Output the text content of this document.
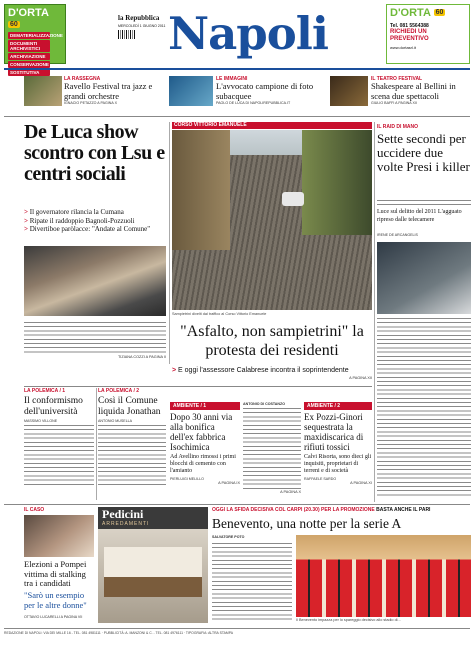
D'ORTA $^{60}$
DEMATERIALIZZAZIONE
DOCUMENTI ARCHIVISTICI
ARCHIVIAZIONE
CONSERVAZIONE
SOSTITUTIVA
la Repubblica
MERCOLEDÌ 1 GIUGNO 2011 Napoli	D'ORTA $^{60}$
Tel. 081 5564388
RICHIEDI UN
PREVENTIVO
www.dortasrl.it
LA RASSEGNA
Ravello Festival tra jazz e grandi orchestre
IGNACIO PETAZZO A PAGINA X
LE IMMAGINI
L'avvocato campione di foto subacquee
PAOLO DE LUCA DI NAPOLIREPUBBLICA.IT
IL TEATRO FESTIVAL
Shakespeare al Bellini in scena due spettacoli
GIULIO BAFFI A PAGINA XII
De Luca show scontro con Lsu e centri sociali
> Il governatore rilancia la Cumana
> Ripate il raddoppio Bagnoli-Pozzuoli
> Divertiboe paròlacce: "Andate al Comune"
TIZIANA COZZI A PAGINA II
CORSO VITTORIO EMANUELE
Sampietrini divelti dal traffico al Corso Vittorio Emanuele
"Asfalto, non sampietrini" la protesta dei residenti
> E oggi l'assessore Calabrese incontra il soprintendente
A PAGINA XII
IL RAID DI MANO
Sette secondi per uccidere due volte Presi i killer
Luce sul delitto del 2011 L'agguato ripreso dalle telecamere
IRENE DE ARCANGELIS
LA POLEMICA / 1
Il conformismo dell'università
MASSIMO VILLONE
LA POLEMICA / 2
Così il Comune liquida Jonathan
ANTONIO MUSELLA
AMBIENTE / 1
Dopo 30 anni via alla bonifica dell'ex fabbrica Isochimica
Ad Avellino rimossi i primi blocchi di cemento con l'amianto
PIERLUIGI MELILLO
A PAGINA IX
ANTONIO DI COSTANZO
A PAGINA X
AMBIENTE / 2
Ex Pozzi-Ginori sequestrata la maxidiscarica di rifiuti tossici
Calvi Risorta, sono dieci gli inquisiti, proprietari di terreni e di società
RAFFAELE SARDO
A PAGINA XI
IL CASO
Elezioni a Pompei vittima di stalking tra i candidati
"Sarò un esempio per le altre donne"
OTTAVIO LUCARELLI A PAGINA VII
Pedicini
ARREDAMENTI
OGGI LA SFIDA DECISIVA COL CARPI (20.30) PER LA PROMOZIONE BASTA ANCHE IL PARI
Benevento, una notte per la serie A
SALVATORE POTO
Il Benevento impazza per lo spareggio decisivo allo stadio di...
REDAZIONE DI NAPOLI: VIA DEI MILLE 16 - TEL. 081 4981111 · PUBBLICITÀ: A. MANZONI & C. - TEL. 081 4976111 · TIPOGRAFIA: ALTRA STAMPA
